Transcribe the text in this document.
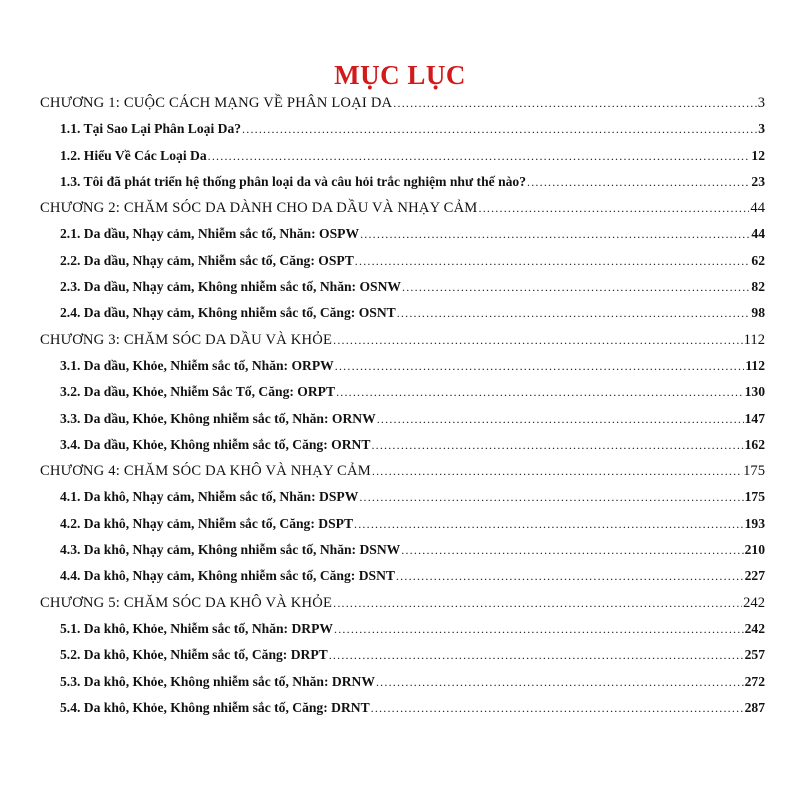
MỤC LỤC
CHƯƠNG 1: CUỘC CÁCH MẠNG VỀ PHÂN LOẠI DA .....	3
1.1. Tại Sao Lại Phân Loại Da? .....	3
1.2. Hiểu Về Các Loại Da .....	12
1.3. Tôi đã phát triển hệ thống phân loại da và câu hỏi trắc nghiệm như thế nào? .....	23
CHƯƠNG 2: CHĂM SÓC DA DÀNH CHO DA DẦU VÀ NHẠY CẢM .....	44
2.1. Da dầu, Nhạy cảm, Nhiễm sắc tố, Nhăn: OSPW .....	44
2.2. Da dầu, Nhạy cảm, Nhiễm sắc tố, Căng: OSPT .....	62
2.3. Da dầu, Nhạy cảm, Không nhiễm sắc tố, Nhăn: OSNW .....	82
2.4. Da dầu, Nhạy cảm, Không nhiễm sắc tố, Căng: OSNT .....	98
CHƯƠNG 3: CHĂM SÓC DA DẦU VÀ KHỎE .....	112
3.1. Da dầu, Khỏe, Nhiễm sắc tố, Nhăn: ORPW .....	112
3.2. Da dầu, Khỏe, Nhiễm Sắc Tố, Căng: ORPT .....	130
3.3. Da dầu, Khỏe, Không nhiễm sắc tố, Nhăn: ORNW .....	147
3.4. Da dầu, Khỏe, Không nhiễm sắc tố, Căng: ORNT .....	162
CHƯƠNG 4: CHĂM SÓC DA KHÔ VÀ NHẠY CẢM .....	175
4.1. Da khô, Nhạy cảm, Nhiễm sắc tố, Nhăn: DSPW .....	175
4.2. Da khô, Nhạy cảm, Nhiễm sắc tố, Căng: DSPT .....	193
4.3. Da khô, Nhạy cảm, Không nhiễm sắc tố, Nhăn: DSNW .....	210
4.4. Da khô, Nhạy cảm, Không nhiễm sắc tố, Căng: DSNT .....	227
CHƯƠNG 5: CHĂM SÓC DA KHÔ VÀ KHỎE .....	242
5.1. Da khô, Khỏe, Nhiễm sắc tố, Nhăn: DRPW .....	242
5.2. Da khô, Khỏe, Nhiễm sắc tố, Căng: DRPT .....	257
5.3. Da khô, Khỏe, Không nhiễm sắc tố, Nhăn: DRNW .....	272
5.4. Da khô, Khỏe, Không nhiễm sắc tố, Căng: DRNT .....	287
